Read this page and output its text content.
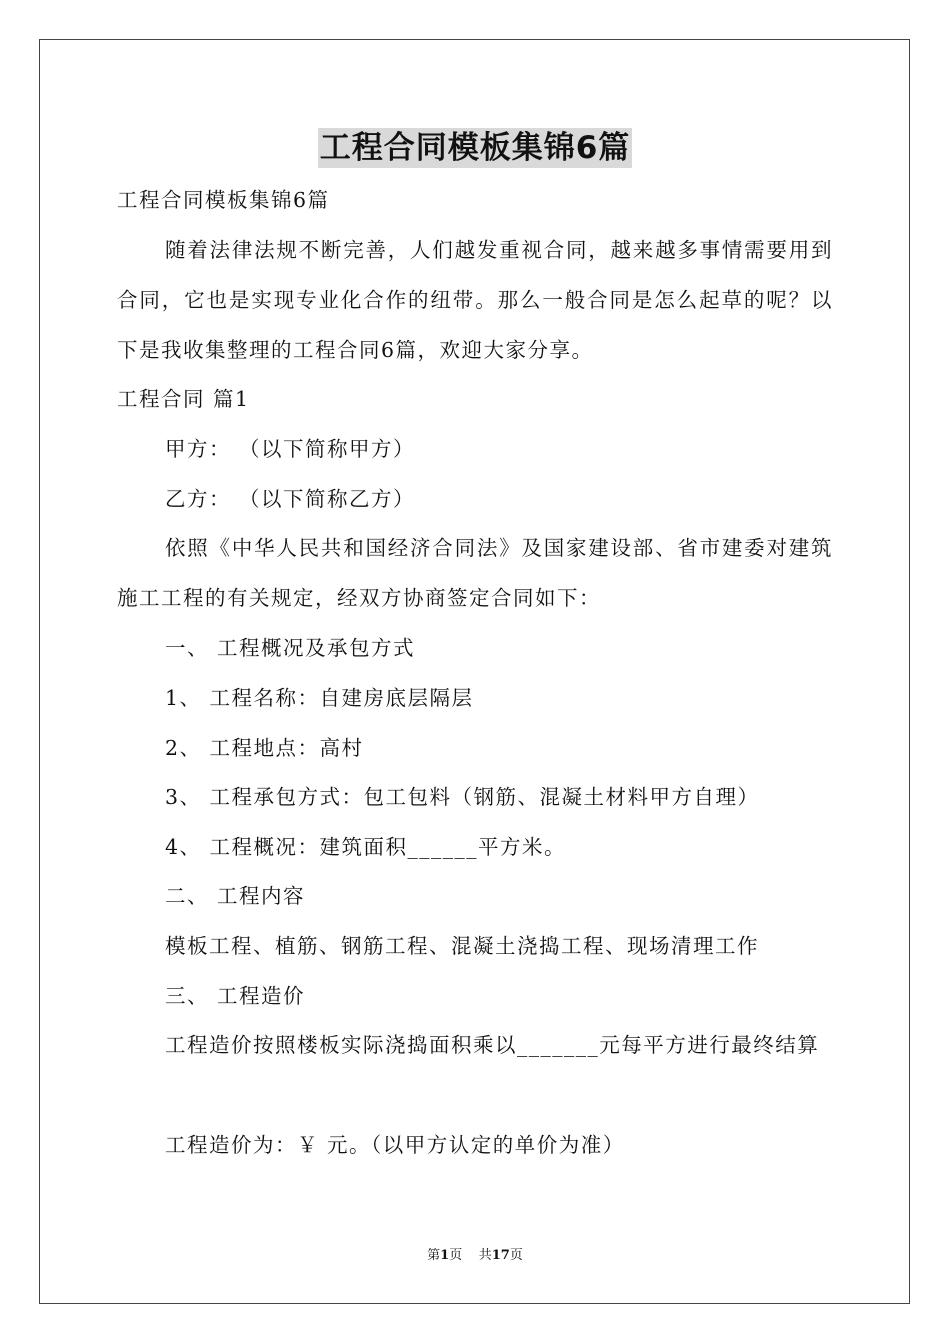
工程合同模板集锦6篇
工程合同模板集锦6篇

随着法律法规不断完善，人们越发重视合同，越来越多事情需要用到合同，它也是实现专业化合作的纽带。那么一般合同是怎么起草的呢？以下是我收集整理的工程合同6篇，欢迎大家分享。

工程合同 篇1
甲方： （以下简称甲方）
乙方： （以下简称乙方）

依照《中华人民共和国经济合同法》及国家建设部、省市建委对建筑施工工程的有关规定，经双方协商签定合同如下：

一、 工程概况及承包方式
1、 工程名称：自建房底层隔层
2、 工程地点：高村
3、 工程承包方式：包工包料（钢筋、混凝土材料甲方自理）
4、 工程概况：建筑面积______平方米。
二、 工程内容
模板工程、植筋、钢筋工程、混凝土浇捣工程、现场清理工作
三、 工程造价

工程造价按照楼板实际浇捣面积乘以_______元每平方进行最终结算

工程造价为：￥ 元。（以甲方认定的单价为准）
第1页    共17页
